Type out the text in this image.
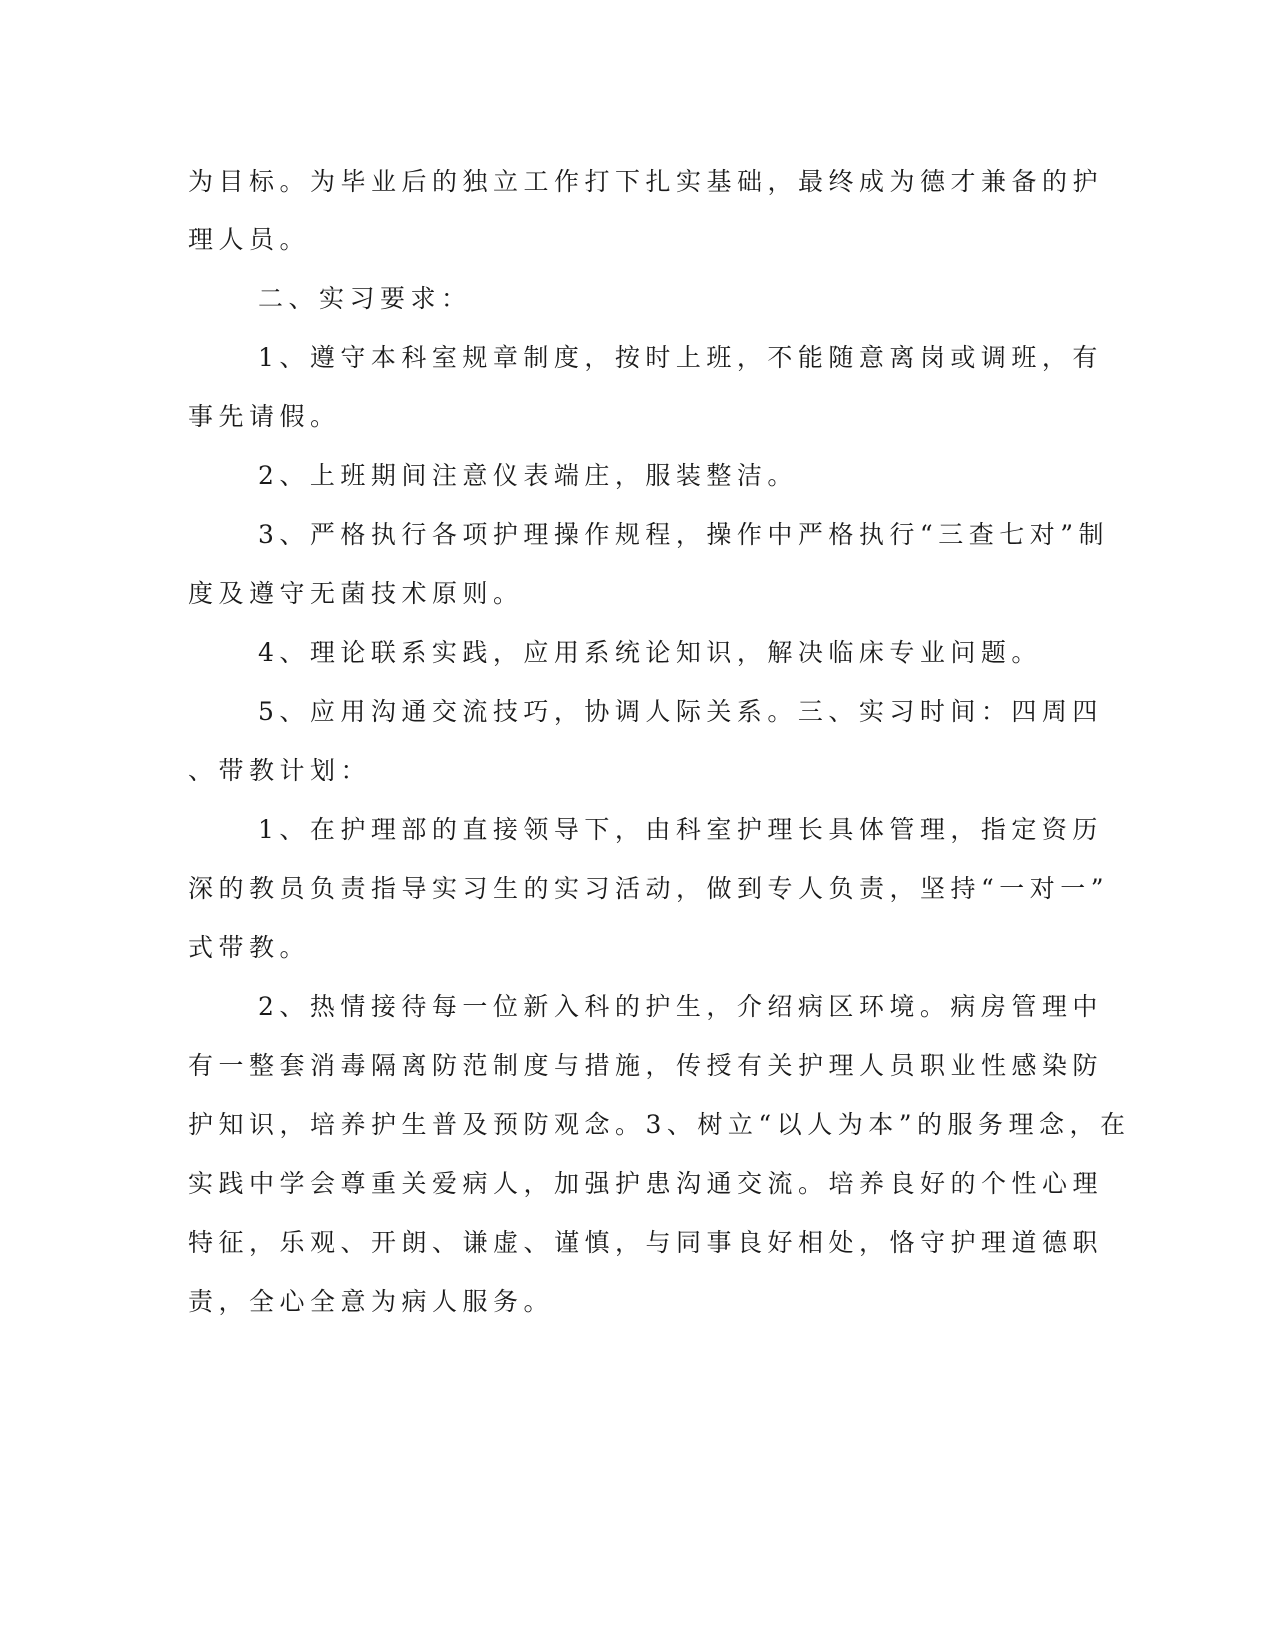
为目标。为毕业后的独立工作打下扎实基础，最终成为德才兼备的护

理人员。

二、实习要求：

1、遵守本科室规章制度，按时上班，不能随意离岗或调班，有

事先请假。

2、上班期间注意仪表端庄，服装整洁。

3、严格执行各项护理操作规程，操作中严格执行“三查七对”制

度及遵守无菌技术原则。

4、理论联系实践，应用系统论知识，解决临床专业问题。

5、应用沟通交流技巧，协调人际关系。三、实习时间：四周四

、带教计划：

1、在护理部的直接领导下，由科室护理长具体管理，指定资历

深的教员负责指导实习生的实习活动，做到专人负责，坚持“一对一”

式带教。

2、热情接待每一位新入科的护生，介绍病区环境。病房管理中

有一整套消毒隔离防范制度与措施，传授有关护理人员职业性感染防

护知识，培养护生普及预防观念。3、树立“以人为本”的服务理念，在

实践中学会尊重关爱病人，加强护患沟通交流。培养良好的个性心理

特征，乐观、开朗、谦虚、谨慎，与同事良好相处，恪守护理道德职

责，全心全意为病人服务。
